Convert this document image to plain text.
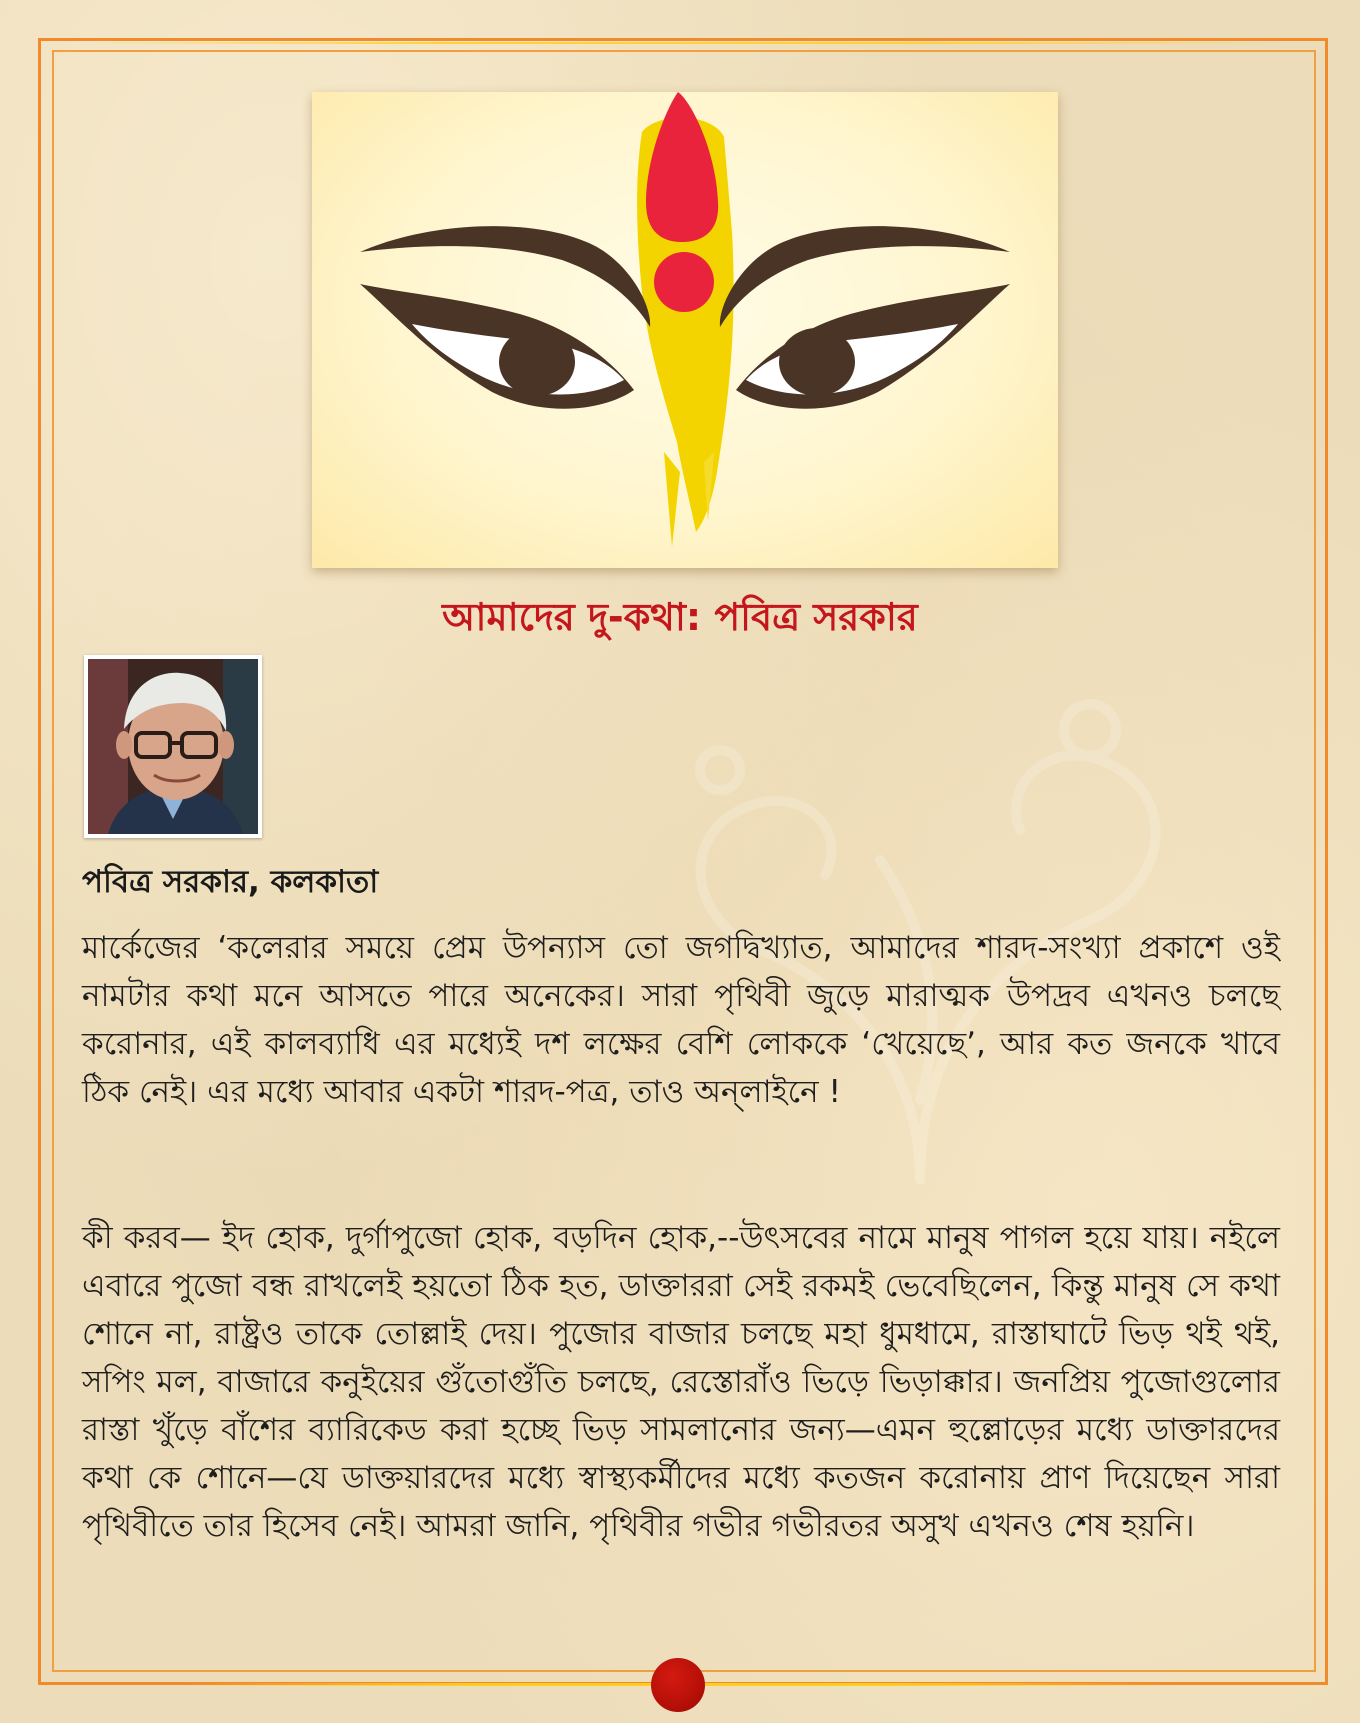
আমাদের দু-কথা: পবিত্র সরকার

পবিত্র সরকার, কলকাতা

মার্কেজের ‘কলেরার সময়ে প্রেম উপন্যাস তো জগদ্বিখ্যাত, আমাদের শারদ-সংখ্যা প্রকাশে ওই নামটার কথা মনে আসতে পারে অনেকের। সারা পৃথিবী জুড়ে মারাত্মক উপদ্রব এখনও চলছে করোনার, এই কালব্যাধি এর মধ্যেই দশ লক্ষের বেশি লোককে ‘খেয়েছে’, আর কত জনকে খাবে ঠিক নেই। এর মধ্যে আবার একটা শারদ-পত্র, তাও অন্‌লাইনে !

কী করব— ইদ হোক, দুর্গাপুজো হোক, বড়দিন হোক,--উৎসবের নামে মানুষ পাগল হয়ে যায়। নইলে এবারে পুজো বন্ধ রাখলেই হয়তো ঠিক হত, ডাক্তাররা সেই রকমই ভেবেছিলেন, কিন্তু মানুষ সে কথা শোনে না, রাষ্ট্রও তাকে তোল্লাই দেয়। পুজোর বাজার চলছে মহা ধুমধামে, রাস্তাঘাটে ভিড় থই থই, সপিং মল, বাজারে কনুইয়ের গুঁতোগুঁতি চলছে, রেস্তোরাঁও ভিড়ে ভিড়াক্কার। জনপ্রিয় পুজোগুলোর রাস্তা খুঁড়ে বাঁশের ব্যারিকেড করা হচ্ছে ভিড় সামলানোর জন্য—এমন হুল্লোড়ের মধ্যে ডাক্তারদের কথা কে শোনে—যে ডাক্তয়ারদের মধ্যে স্বাস্থ্যকর্মীদের মধ্যে কতজন করোনায় প্রাণ দিয়েছেন সারা পৃথিবীতে তার হিসেব নেই। আমরা জানি, পৃথিবীর গভীর গভীরতর অসুখ এখনও শেষ হয়নি।
